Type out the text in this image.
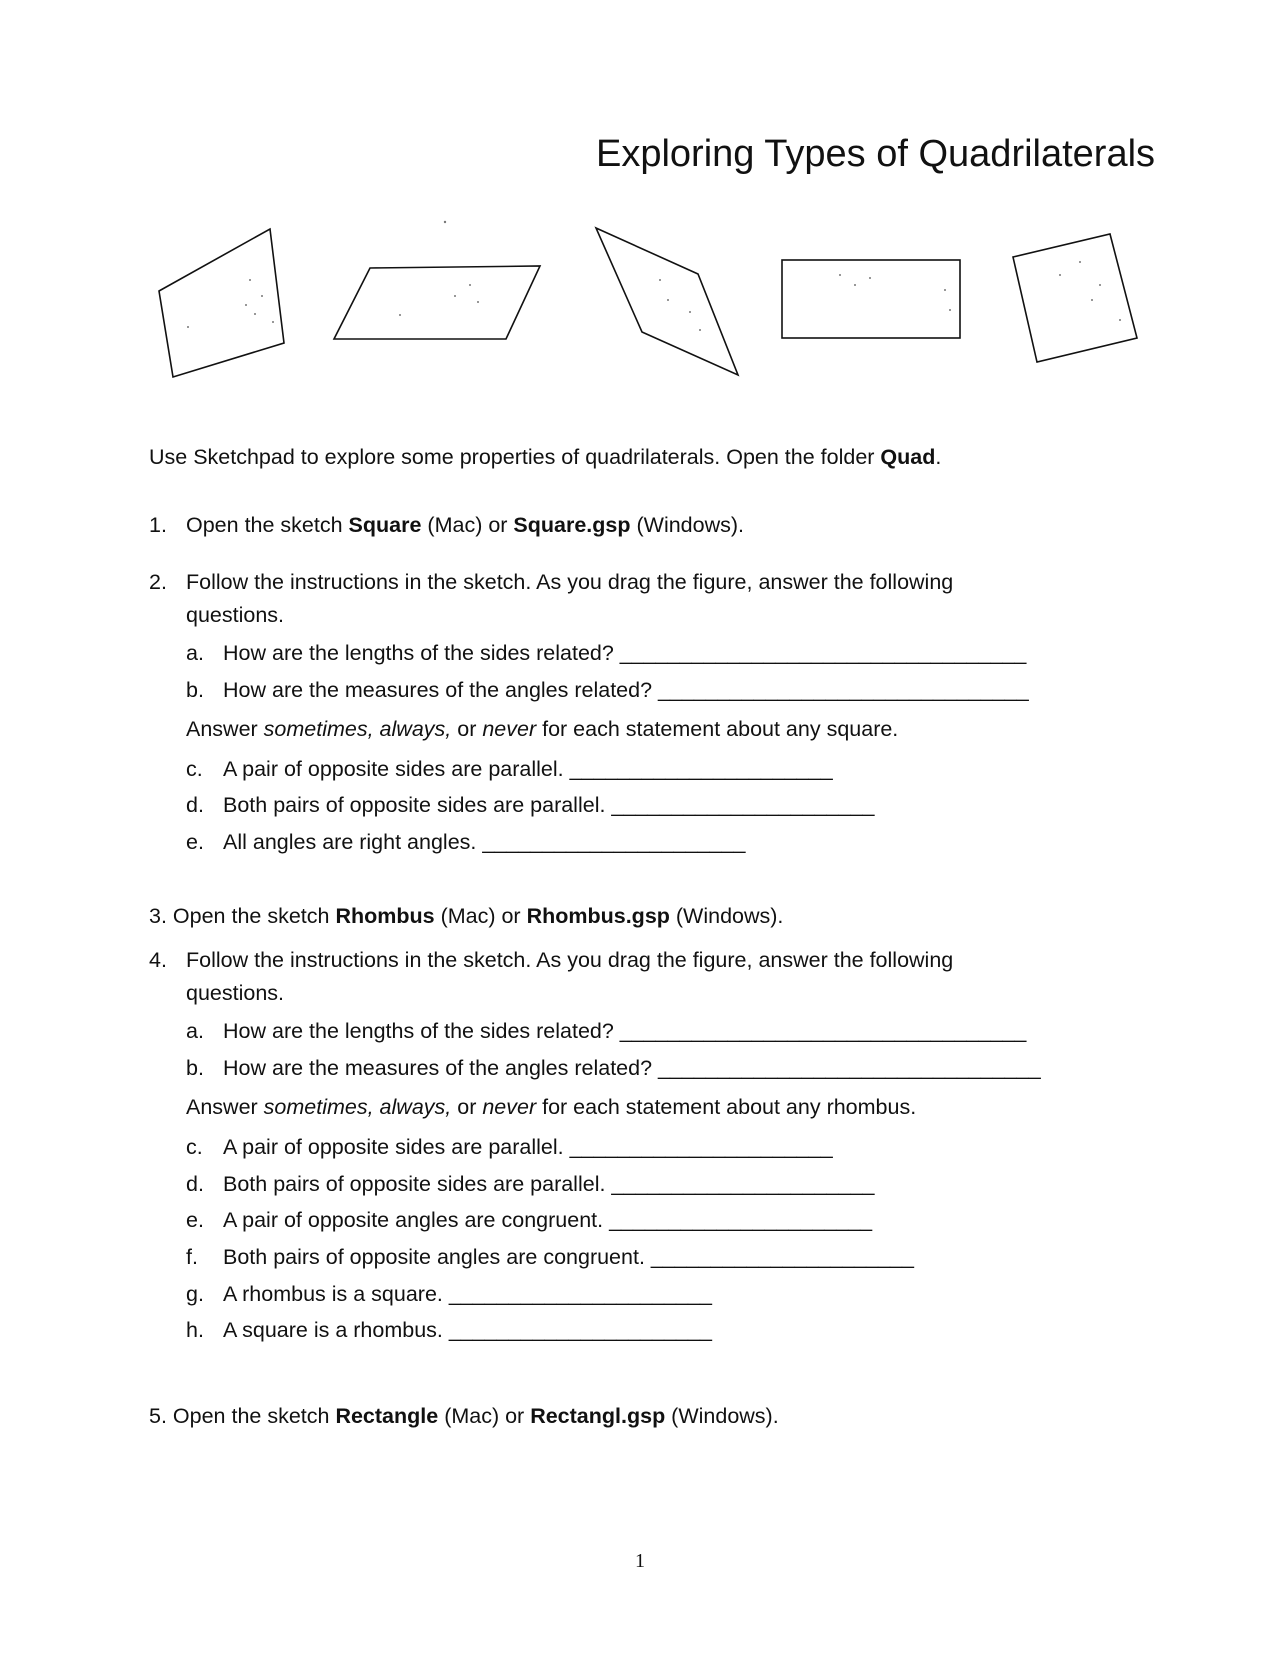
Exploring Types of Quadrilaterals
Use Sketchpad to explore some properties of quadrilaterals. Open the folder Quad.
1. Open the sketch Square (Mac) or Square.gsp (Windows).
2. Follow the instructions in the sketch. As you drag the figure, answer the following
questions.
a. How are the lengths of the sides related? __________________________________
b. How are the measures of the angles related? _______________________________
Answer sometimes, always, or never for each statement about any square.
c. A pair of opposite sides are parallel. ______________________
d. Both pairs of opposite sides are parallel. ______________________
e. All angles are right angles. ______________________
3. Open the sketch Rhombus (Mac) or Rhombus.gsp (Windows).
4. Follow the instructions in the sketch. As you drag the figure, answer the following
questions.
a. How are the lengths of the sides related? __________________________________
b. How are the measures of the angles related? ________________________________
Answer sometimes, always, or never for each statement about any rhombus.
c. A pair of opposite sides are parallel. ______________________
d. Both pairs of opposite sides are parallel. ______________________
e. A pair of opposite angles are congruent. ______________________
f. Both pairs of opposite angles are congruent. ______________________
g. A rhombus is a square. ______________________
h. A square is a rhombus. ______________________
5. Open the sketch Rectangle (Mac) or Rectangl.gsp (Windows).
1
